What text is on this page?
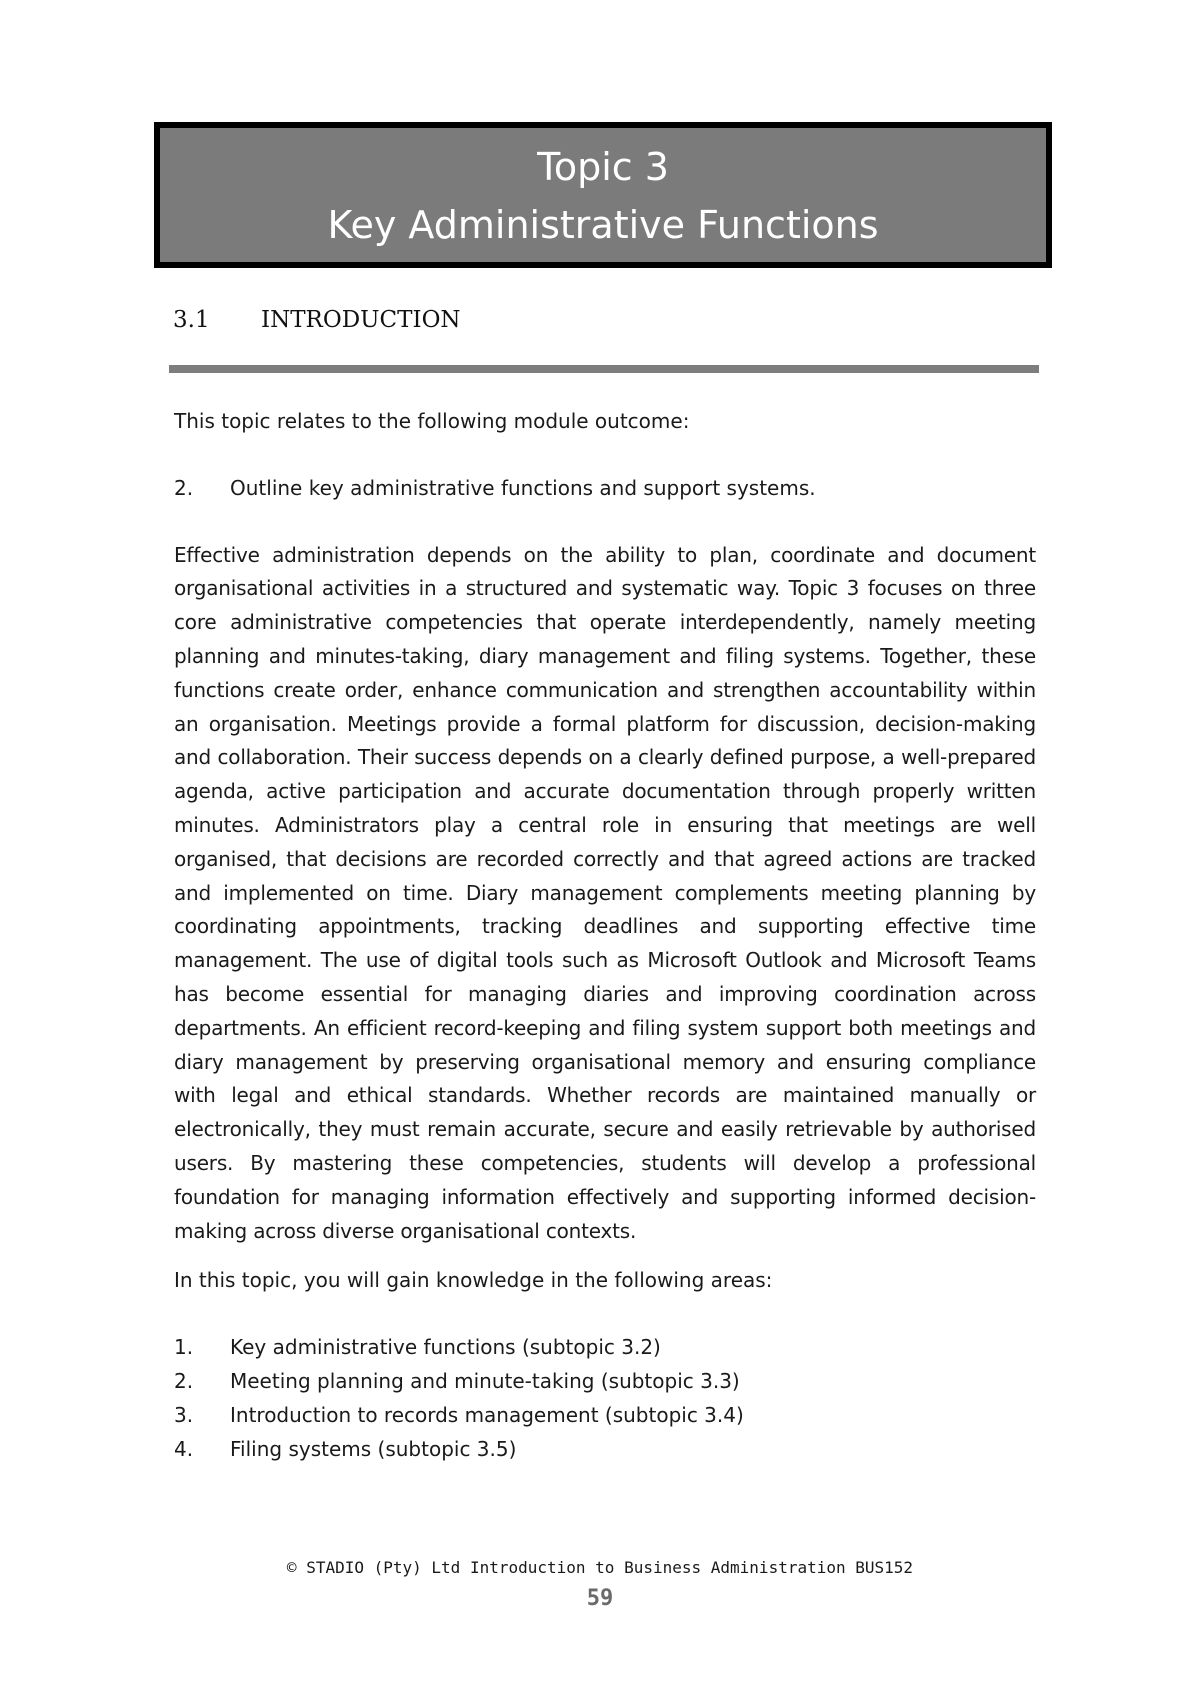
Topic 3
Key Administrative Functions
3.1 INTRODUCTION

This topic relates to the following module outcome:

2.	Outline key administrative functions and support systems.

Effective administration depends on the ability to plan, coordinate and document organisational activities in a structured and systematic way. Topic 3 focuses on three core administrative competencies that operate interdependently, namely meeting planning and minutes-taking, diary management and filing systems. Together, these functions create order, enhance communication and strengthen accountability within an organisation. Meetings provide a formal platform for discussion, decision-making and collaboration. Their success depends on a clearly defined purpose, a well-prepared agenda, active participation and accurate documentation through properly written minutes. Administrators play a central role in ensuring that meetings are well organised, that decisions are recorded correctly and that agreed actions are tracked and implemented on time. Diary management complements meeting planning by coordinating appointments, tracking deadlines and supporting effective time management. The use of digital tools such as Microsoft Outlook and Microsoft Teams has become essential for managing diaries and improving coordination across departments. An efficient record-keeping and filing system support both meetings and diary management by preserving organisational memory and ensuring compliance with legal and ethical standards. Whether records are maintained manually or electronically, they must remain accurate, secure and easily retrievable by authorised users. By mastering these competencies, students will develop a professional foundation for managing information effectively and supporting informed decision-making across diverse organisational contexts.

In this topic, you will gain knowledge in the following areas:

1.	Key administrative functions (subtopic 3.2)
2.	Meeting planning and minute-taking (subtopic 3.3)
3.	Introduction to records management (subtopic 3.4)
4.	Filing systems (subtopic 3.5)
© STADIO (Pty) Ltd Introduction to Business Administration BUS152
59
